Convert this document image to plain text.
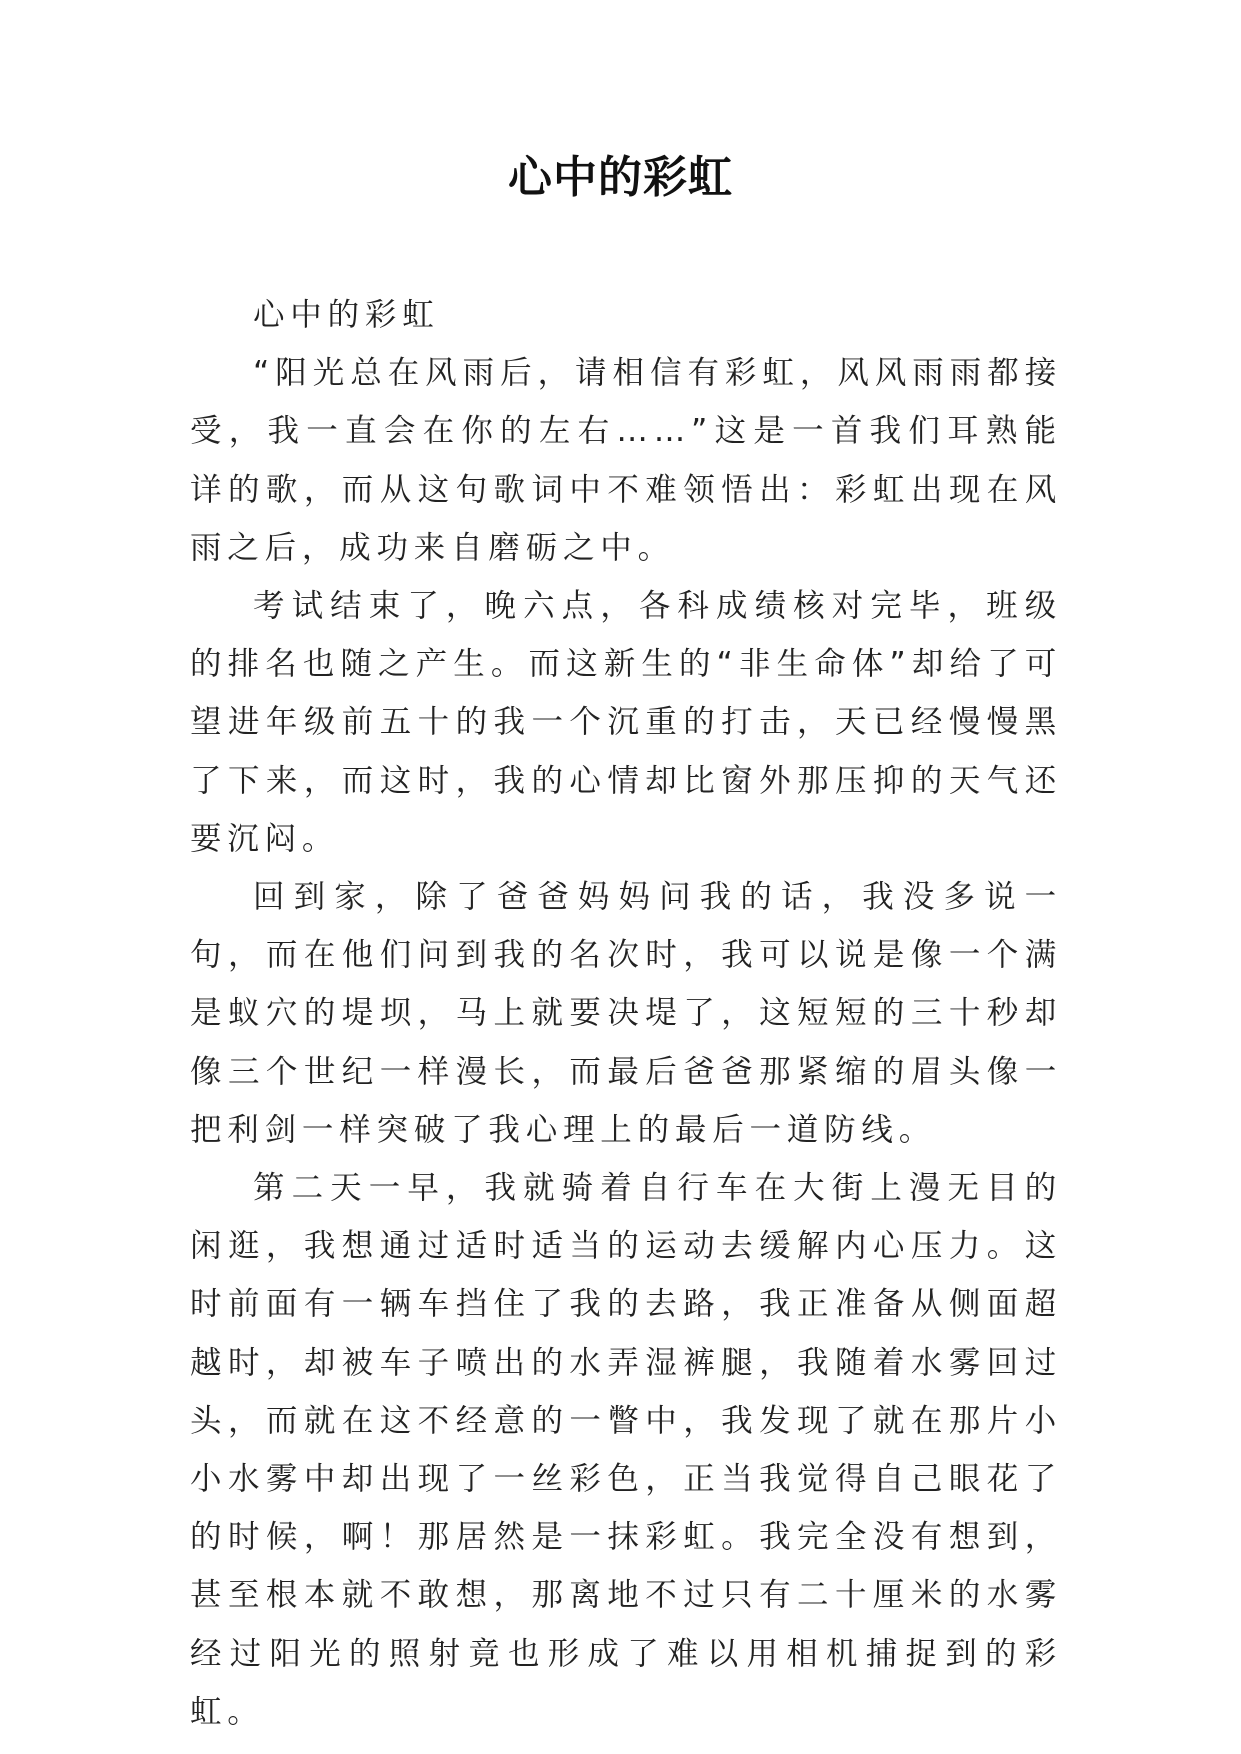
心中的彩虹

心中的彩虹

“阳光总在风雨后，请相信有彩虹，风风雨雨都接受，我一直会在你的左右……”这是一首我们耳熟能详的歌，而从这句歌词中不难领悟出：彩虹出现在风雨之后，成功来自磨砺之中。

考试结束了，晚六点，各科成绩核对完毕，班级的排名也随之产生。而这新生的“非生命体”却给了可望进年级前五十的我一个沉重的打击，天已经慢慢黑了下来，而这时，我的心情却比窗外那压抑的天气还要沉闷。

回到家，除了爸爸妈妈问我的话，我没多说一句，而在他们问到我的名次时，我可以说是像一个满是蚁穴的堤坝，马上就要决堤了，这短短的三十秒却像三个世纪一样漫长，而最后爸爸那紧缩的眉头像一把利剑一样突破了我心理上的最后一道防线。

第二天一早，我就骑着自行车在大街上漫无目的闲逛，我想通过适时适当的运动去缓解内心压力。这时前面有一辆车挡住了我的去路，我正准备从侧面超越时，却被车子喷出的水弄湿裤腿，我随着水雾回过头，而就在这不经意的一瞥中，我发现了就在那片小小水雾中却出现了一丝彩色，正当我觉得自己眼花了的时候，啊！那居然是一抹彩虹。我完全没有想到，甚至根本就不敢想，那离地不过只有二十厘米的水雾经过阳光的照射竟也形成了难以用相机捕捉到的彩虹。
